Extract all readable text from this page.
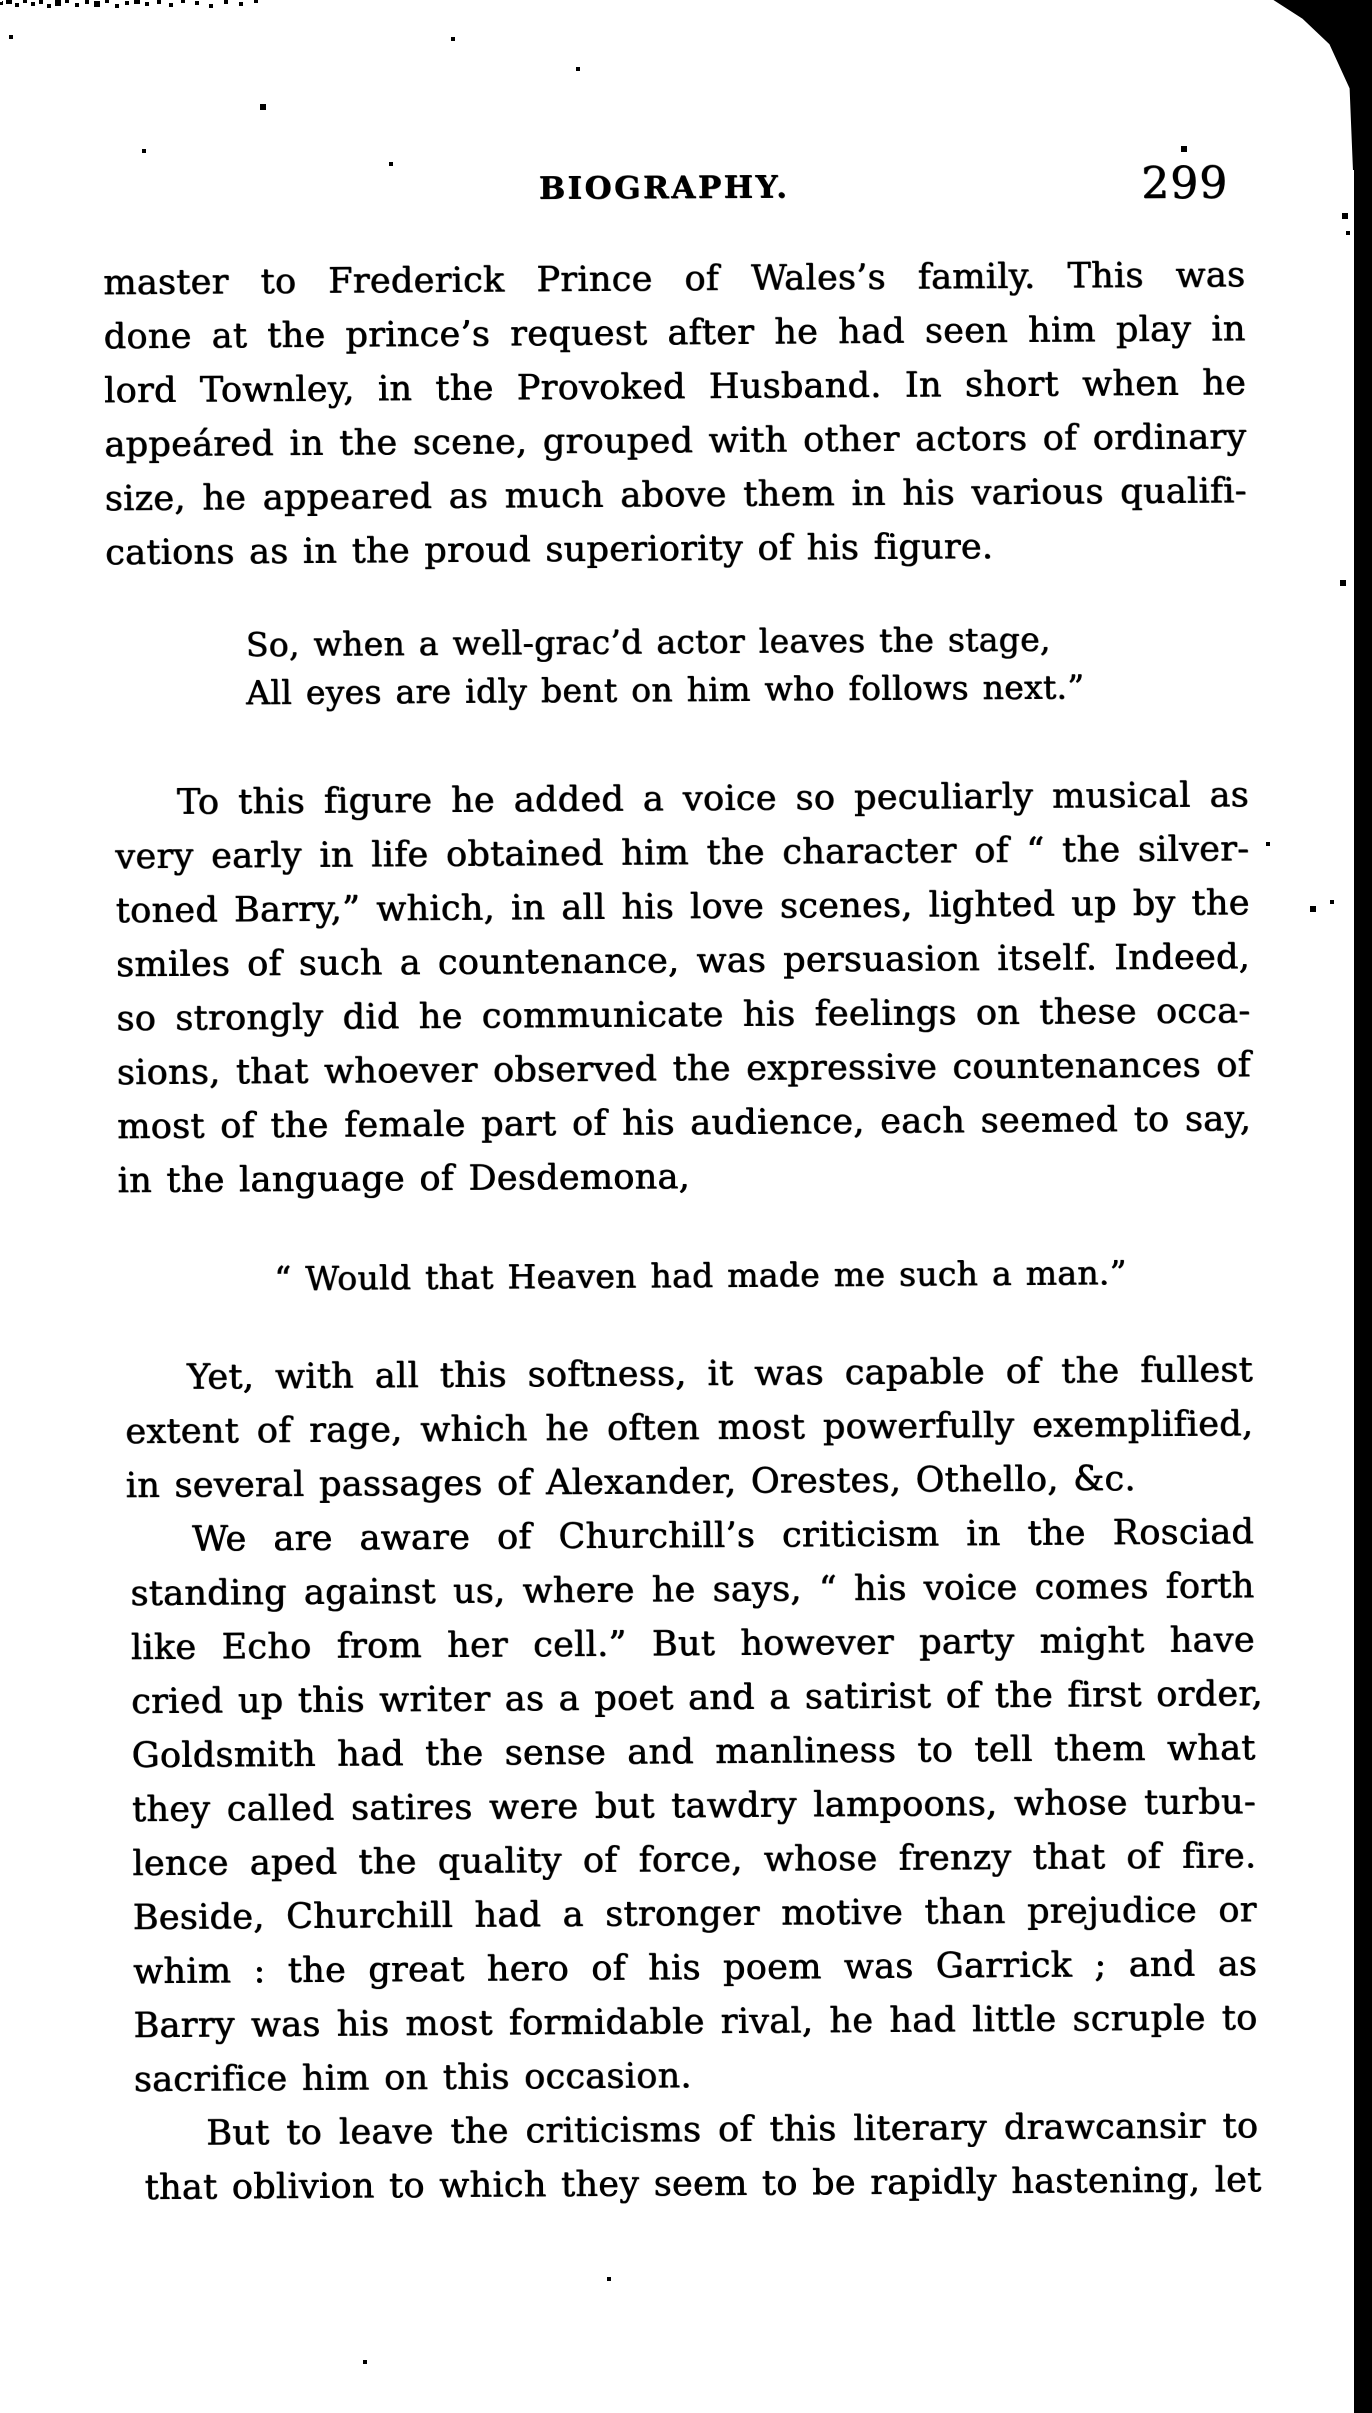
BIOGRAPHY.	299
master to Frederick Prince of Wales’s family. This was
done at the prince’s request after he had seen him play in
lord Townley, in the Provoked Husband. In short when he
appeáred in the scene, grouped with other actors of ordinary
size, he appeared as much above them in his various qualifi-
cations as in the proud superiority of his figure.
So, when a well-grac’d actor leaves the stage,
All eyes are idly bent on him who follows next.”
To this figure he added a voice so peculiarly musical as
very early in life obtained him the character of “ the silver-
toned Barry,” which, in all his love scenes, lighted up by the
smiles of such a countenance, was persuasion itself. Indeed,
so strongly did he communicate his feelings on these occa-
sions, that whoever observed the expressive countenances of
most of the female part of his audience, each seemed to say,
in the language of Desdemona,
“ Would that Heaven had made me such a man.”
Yet, with all this softness, it was capable of the fullest
extent of rage, which he often most powerfully exemplified,
in several passages of Alexander, Orestes, Othello, &c.
We are aware of Churchill’s criticism in the Rosciad
standing against us, where he says, “ his voice comes forth
like Echo from her cell.” But however party might have
cried up this writer as a poet and a satirist of the first order,
Goldsmith had the sense and manliness to tell them what
they called satires were but tawdry lampoons, whose turbu-
lence aped the quality of force, whose frenzy that of fire.
Beside, Churchill had a stronger motive than prejudice or
whim : the great hero of his poem was Garrick ; and as
Barry was his most formidable rival, he had little scruple to
sacrifice him on this occasion.
But to leave the criticisms of this literary drawcansir to
that oblivion to which they seem to be rapidly hastening, let
